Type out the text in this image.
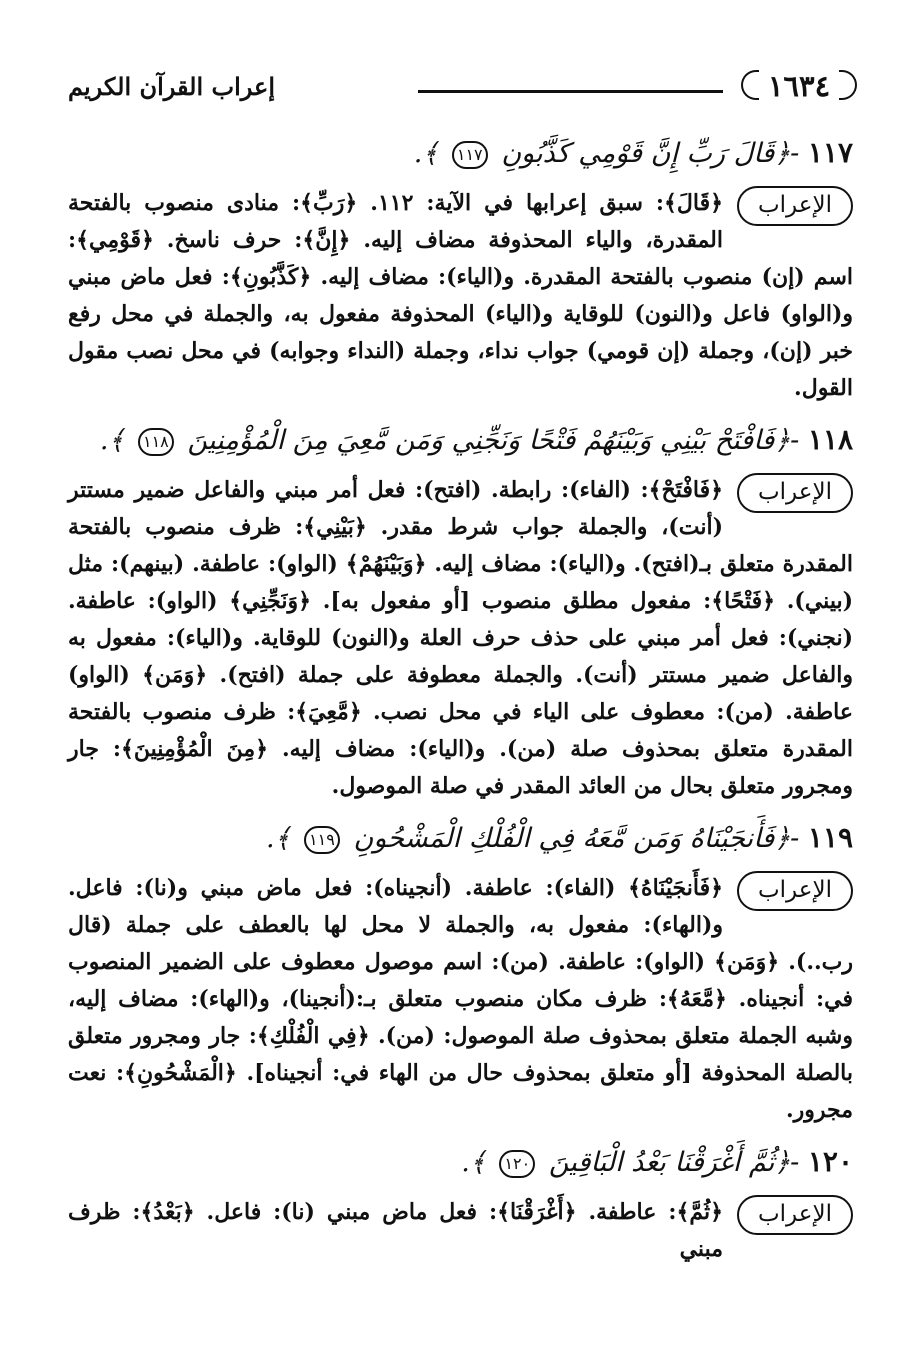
١٦٣٤
إعراب القرآن الكريم
١١٧ -﴿قَالَ رَبِّ إِنَّ قَوْمِي كَذَّبُونِ ١١٧ ﴾.
الإعراب
﴿قَالَ﴾: سبق إعرابها في الآية: ١١٢. ﴿رَبِّ﴾: منادى منصوب بالفتحة المقدرة، والياء المحذوفة مضاف إليه. ﴿إِنَّ﴾: حرف ناسخ. ﴿قَوْمِي﴾: اسم (إن) منصوب بالفتحة المقدرة. و(الياء): مضاف إليه. ﴿كَذَّبُونِ﴾: فعل ماض مبني و(الواو) فاعل و(النون) للوقاية و(الياء) المحذوفة مفعول به، والجملة في محل رفع خبر (إن)، وجملة (إن قومي) جواب نداء، وجملة (النداء وجوابه) في محل نصب مقول القول.
١١٨ -﴿فَافْتَحْ بَيْنِي وَبَيْنَهُمْ فَتْحًا وَنَجِّنِي وَمَن مَّعِيَ مِنَ الْمُؤْمِنِينَ ١١٨ ﴾.
الإعراب
﴿فَافْتَحْ﴾: (الفاء): رابطة. (افتح): فعل أمر مبني والفاعل ضمير مستتر (أنت)، والجملة جواب شرط مقدر. ﴿بَيْنِي﴾: ظرف منصوب بالفتحة المقدرة متعلق بـ(افتح). و(الياء): مضاف إليه. ﴿وَبَيْنَهُمْ﴾ (الواو): عاطفة. (بينهم): مثل (بيني). ﴿فَتْحًا﴾: مفعول مطلق منصوب [أو مفعول به]. ﴿وَنَجِّنِي﴾ (الواو): عاطفة. (نجني): فعل أمر مبني على حذف حرف العلة و(النون) للوقاية. و(الياء): مفعول به والفاعل ضمير مستتر (أنت). والجملة معطوفة على جملة (افتح). ﴿وَمَن﴾ (الواو) عاطفة. (من): معطوف على الياء في محل نصب. ﴿مَّعِيَ﴾: ظرف منصوب بالفتحة المقدرة متعلق بمحذوف صلة (من). و(الياء): مضاف إليه. ﴿مِنَ الْمُؤْمِنِينَ﴾: جار ومجرور متعلق بحال من العائد المقدر في صلة الموصول.
١١٩ -﴿فَأَنجَيْنَاهُ وَمَن مَّعَهُ فِي الْفُلْكِ الْمَشْحُونِ ١١٩ ﴾.
الإعراب
﴿فَأَنجَيْنَاهُ﴾ (الفاء): عاطفة. (أنجيناه): فعل ماض مبني و(نا): فاعل. و(الهاء): مفعول به، والجملة لا محل لها بالعطف على جملة (قال رب..). ﴿وَمَن﴾ (الواو): عاطفة. (من): اسم موصول معطوف على الضمير المنصوب في: أنجيناه. ﴿مَّعَهُ﴾: ظرف مكان منصوب متعلق بـ:(أنجينا)، و(الهاء): مضاف إليه، وشبه الجملة متعلق بمحذوف صلة الموصول: (من). ﴿فِي الْفُلْكِ﴾: جار ومجرور متعلق بالصلة المحذوفة [أو متعلق بمحذوف حال من الهاء في: أنجيناه]. ﴿الْمَشْحُونِ﴾: نعت مجرور.
١٢٠ -﴿ثُمَّ أَغْرَقْنَا بَعْدُ الْبَاقِينَ ١٢٠ ﴾.
الإعراب
﴿ثُمَّ﴾: عاطفة. ﴿أَغْرَقْنَا﴾: فعل ماض مبني (نا): فاعل. ﴿بَعْدُ﴾: ظرف مبني
